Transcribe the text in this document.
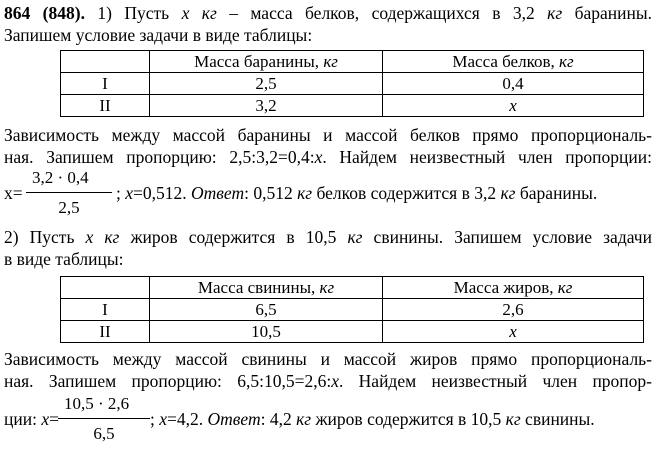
864 (848). 1) Пусть x кг – масса белков, содержащихся в 3,2 кг баранины.
Запишем условие задачи в виде таблицы:
	Масса баранины, кг	Масса белков, кг
I	2,5	0,4
II	3,2	x
Зависимость между массой баранины и массой белков прямо пропорциональ-
ная. Запишем пропорцию: 2,5:3,2=0,4:x. Найдем неизвестный член пропорции:
x=
3,2 · 0,4
2,5
; x=0,512. Ответ: 0,512 кг белков содержится в 3,2 кг баранины.
2) Пусть x кг жиров содержится в 10,5 кг свинины. Запишем условие задачи
в виде таблицы:
	Масса свинины, кг	Масса жиров, кг
I	6,5	2,6
II	10,5	x
Зависимость между массой свинины и массой жиров прямо пропорциональ-
ная. Запишем пропорцию: 6,5:10,5=2,6:x. Найдем неизвестный член пропор-
ции: x=
10,5 · 2,6
6,5
; x=4,2. Ответ: 4,2 кг жиров содержится в 10,5 кг свинины.
